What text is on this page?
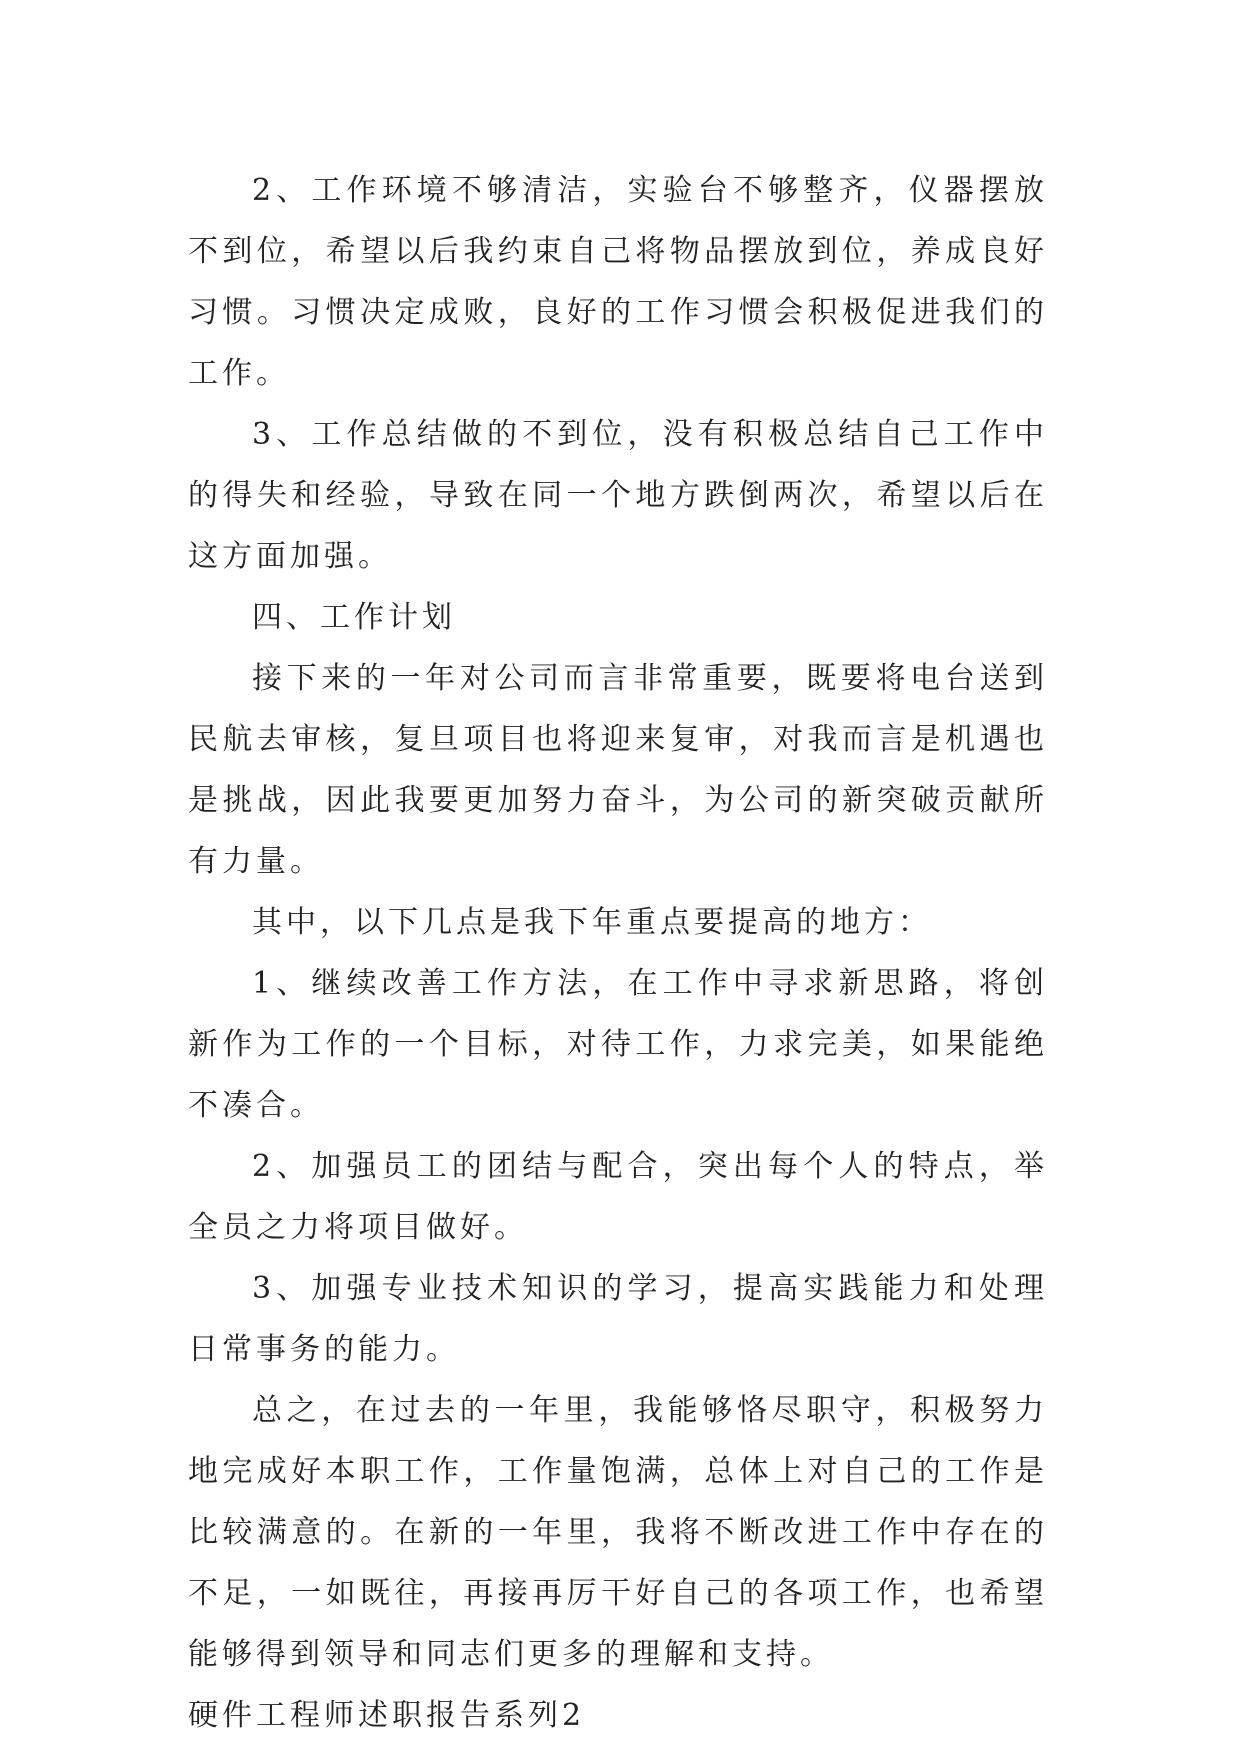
2、工作环境不够清洁，实验台不够整齐，仪器摆放不到位，希望以后我约束自己将物品摆放到位，养成良好习惯。习惯决定成败，良好的工作习惯会积极促进我们的工作。

3、工作总结做的不到位，没有积极总结自己工作中的得失和经验，导致在同一个地方跌倒两次，希望以后在这方面加强。

四、工作计划

接下来的一年对公司而言非常重要，既要将电台送到民航去审核，复旦项目也将迎来复审，对我而言是机遇也是挑战，因此我要更加努力奋斗，为公司的新突破贡献所有力量。

其中，以下几点是我下年重点要提高的地方：

1、继续改善工作方法，在工作中寻求新思路，将创新作为工作的一个目标，对待工作，力求完美，如果能绝不凑合。

2、加强员工的团结与配合，突出每个人的特点，举全员之力将项目做好。

3、加强专业技术知识的学习，提高实践能力和处理日常事务的能力。

总之，在过去的一年里，我能够恪尽职守，积极努力地完成好本职工作，工作量饱满，总体上对自己的工作是比较满意的。在新的一年里，我将不断改进工作中存在的不足，一如既往，再接再厉干好自己的各项工作，也希望能够得到领导和同志们更多的理解和支持。

硬件工程师述职报告系列2
